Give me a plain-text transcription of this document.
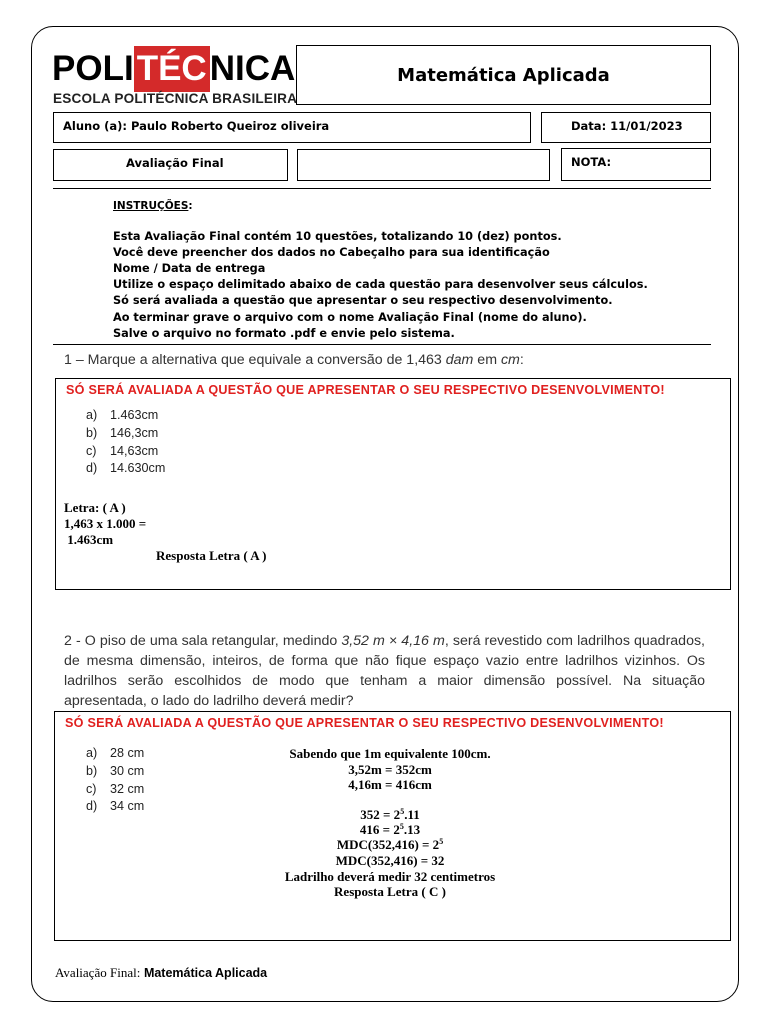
POLI TÉC NICA
ESCOLA POLITÉCNICA BRASILEIRA
Matemática Aplicada
Aluno (a): Paulo Roberto Queiroz oliveira	Data: 11/01/2023
Avaliação Final	NOTA:
INSTRUÇÕES:
Esta Avaliação Final contém 10 questões, totalizando 10 (dez) pontos.
Você deve preencher dos dados no Cabeçalho para sua identificação
Nome / Data de entrega
Utilize o espaço delimitado abaixo de cada questão para desenvolver seus cálculos.
Só será avaliada a questão que apresentar o seu respectivo desenvolvimento.
Ao terminar grave o arquivo com o nome Avaliação Final (nome do aluno).
Salve o arquivo no formato .pdf e envie pelo sistema.
1 – Marque a alternativa que equivale a conversão de 1,463 dam em cm:
SÓ SERÁ AVALIADA A QUESTÃO QUE APRESENTAR O SEU RESPECTIVO DESENVOLVIMENTO!
a) 1.463cm
b) 146,3cm
c) 14,63cm
d) 14.630cm
Letra: ( A )
1,463 x 1.000 =
1.463cm
Resposta Letra ( A )
2 - O piso de uma sala retangular, medindo 3,52 m × 4,16 m, será revestido com ladrilhos quadrados, de mesma dimensão, inteiros, de forma que não fique espaço vazio entre ladrilhos vizinhos. Os ladrilhos serão escolhidos de modo que tenham a maior dimensão possível. Na situação apresentada, o lado do ladrilho deverá medir?
SÓ SERÁ AVALIADA A QUESTÃO QUE APRESENTAR O SEU RESPECTIVO DESENVOLVIMENTO!
a) 28 cm
b) 30 cm
c) 32 cm
d) 34 cm
Sabendo que 1m equivalente 100cm.
3,52m = 352cm
4,16m = 416cm
$352 = 2^5.11$
$416 = 2^5.13$
$MDC(352,416) = 2^5$
MDC(352,416) = 32
Ladrilho deverá medir 32 centimetros
Resposta Letra ( C )
Avaliação Final: Matemática Aplicada
